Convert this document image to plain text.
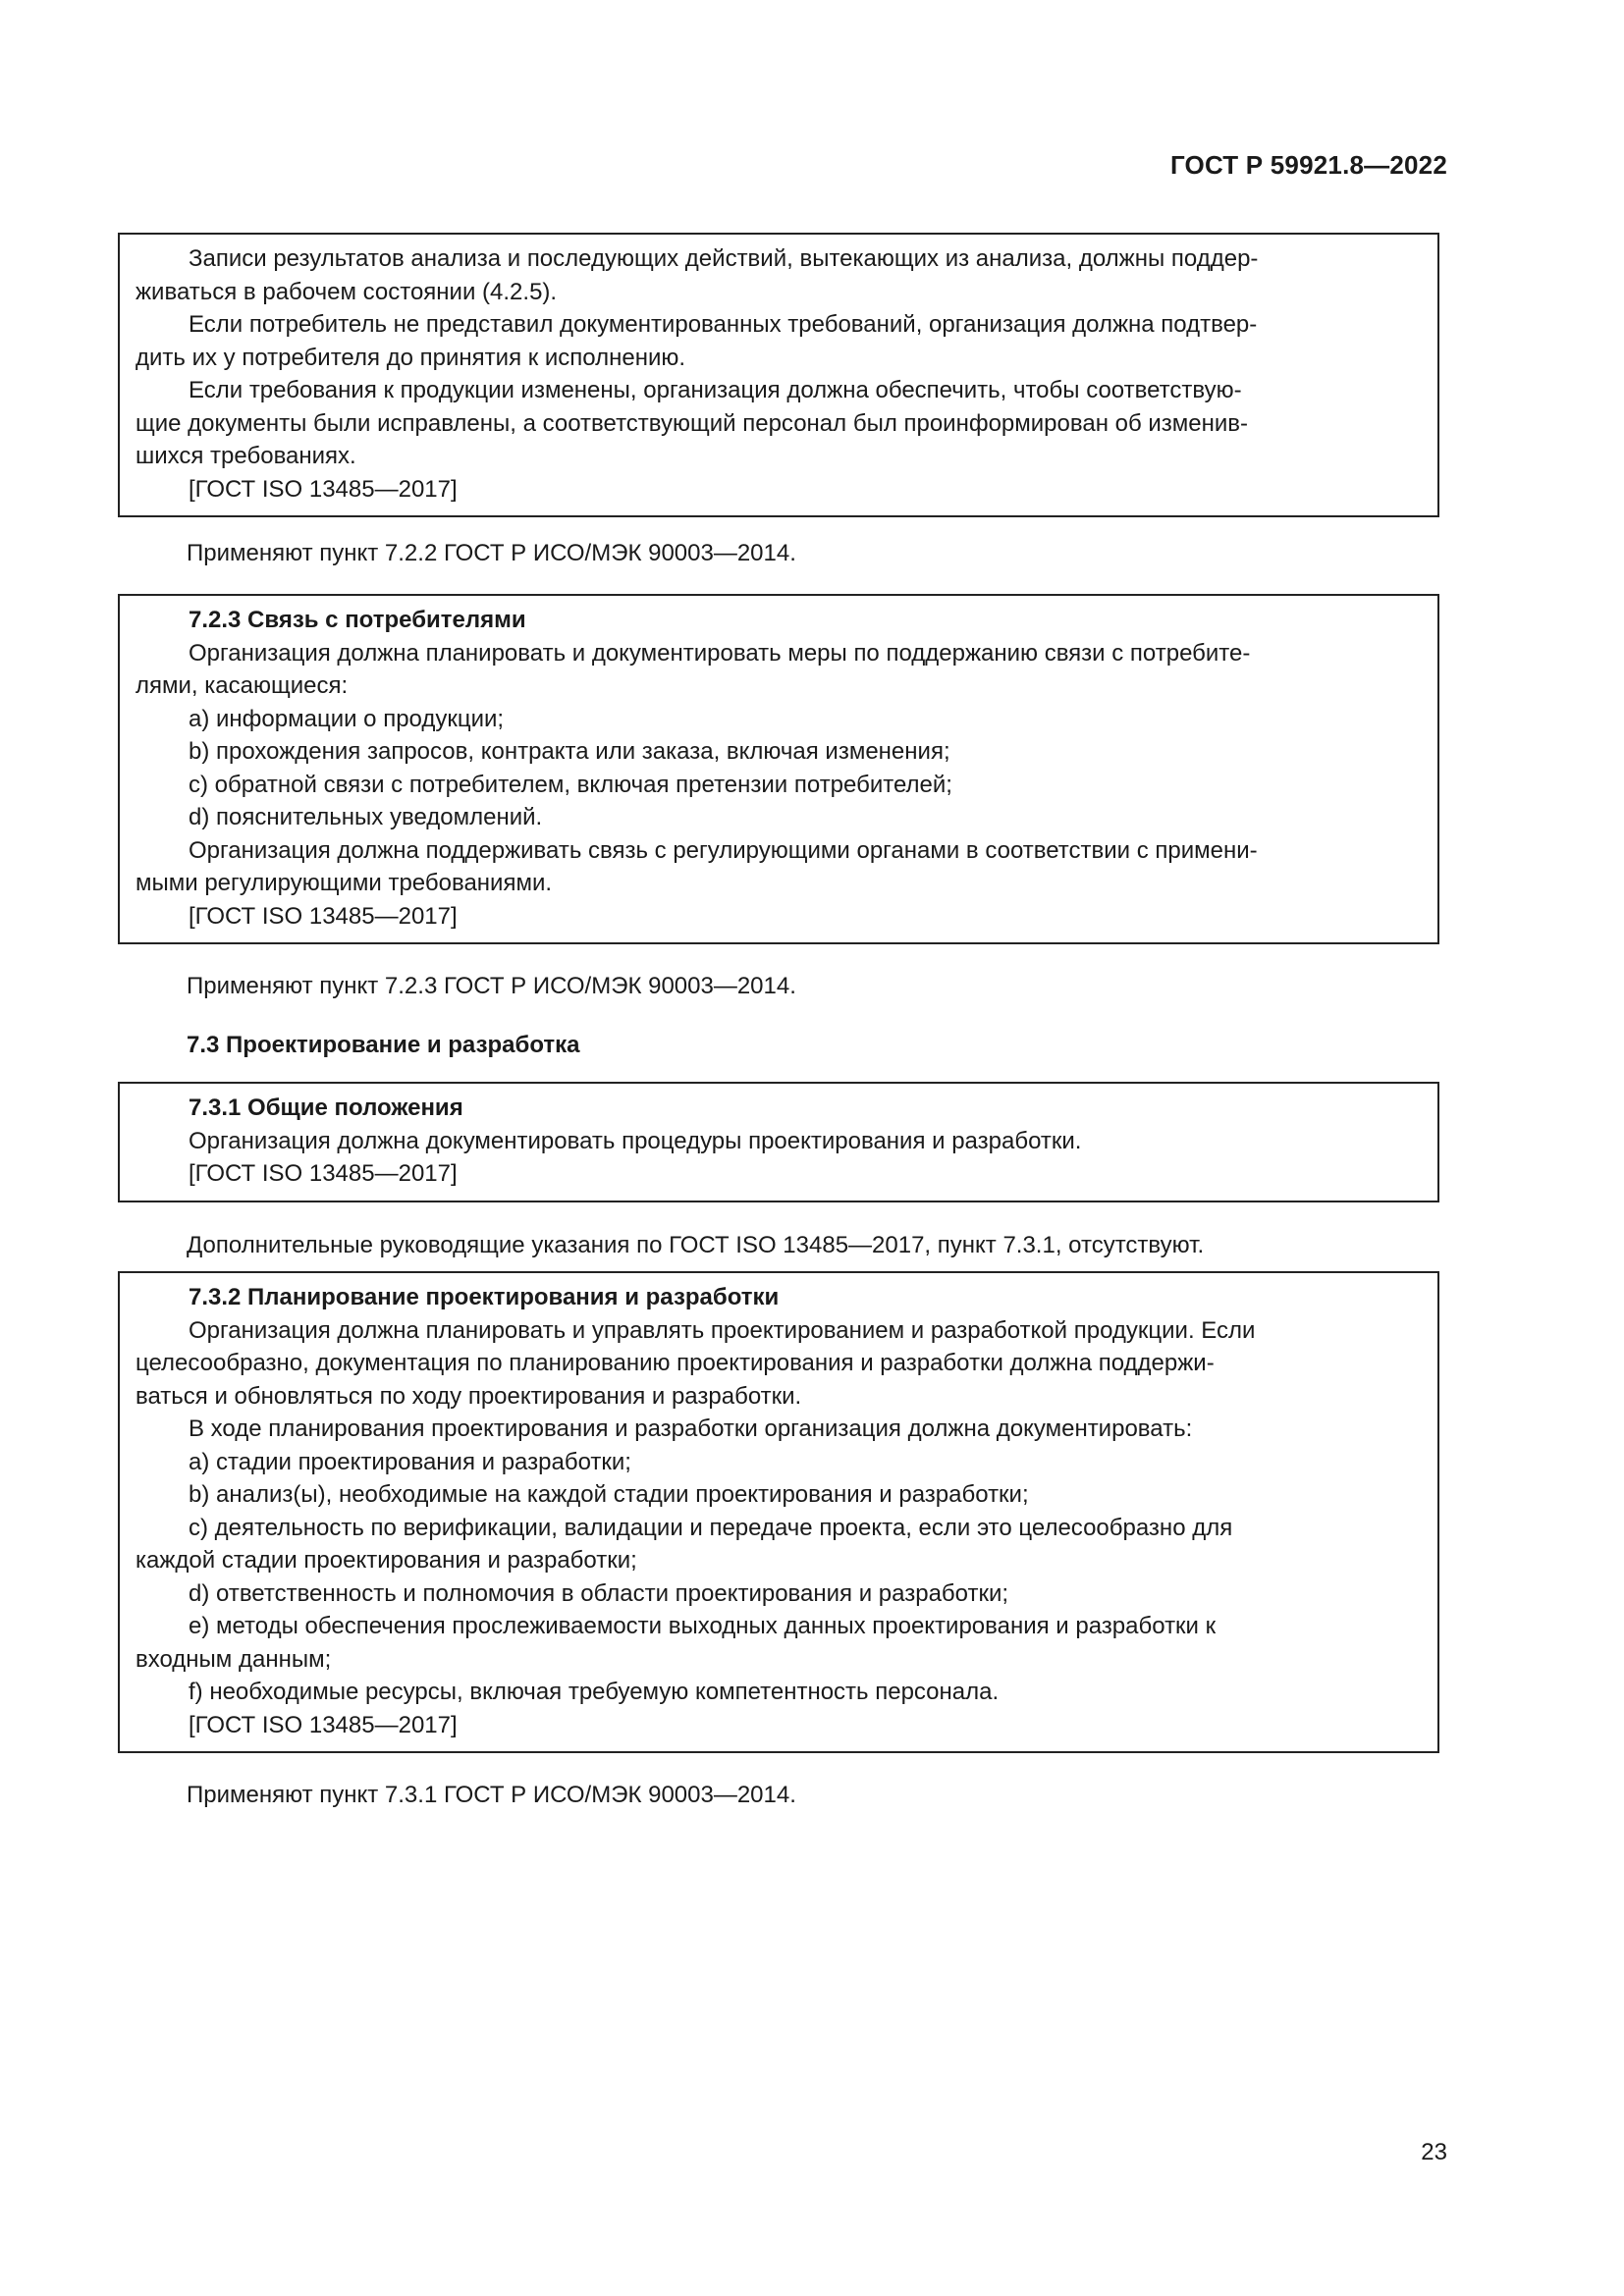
ГОСТ Р 59921.8—2022

Записи результатов анализа и последующих действий, вытекающих из анализа, должны поддер-

живаться в рабочем состоянии (4.2.5).

Если потребитель не представил документированных требований, организация должна подтвер-

дить их у потребителя до принятия к исполнению.

Если требования к продукции изменены, организация должна обеспечить, чтобы соответствую-

щие документы были исправлены, а соответствующий персонал был проинформирован об изменив-

шихся требованиях.

[ГОСТ ISO 13485—2017]

Применяют пункт 7.2.2 ГОСТ Р ИСО/МЭК 90003—2014.

7.2.3 Связь с потребителями

Организация должна планировать и документировать меры по поддержанию связи с потребите-

лями, касающиеся:

a) информации о продукции;

b) прохождения запросов, контракта или заказа, включая изменения;

c) обратной связи с потребителем, включая претензии потребителей;

d) пояснительных уведомлений.

Организация должна поддерживать связь с регулирующими органами в соответствии с примени-

мыми регулирующими требованиями.

[ГОСТ ISO 13485—2017]

Применяют пункт 7.2.3 ГОСТ Р ИСО/МЭК 90003—2014.

7.3 Проектирование и разработка

7.3.1 Общие положения

Организация должна документировать процедуры проектирования и разработки.

[ГОСТ ISO 13485—2017]

Дополнительные руководящие указания по ГОСТ ISO 13485—2017, пункт 7.3.1, отсутствуют.

7.3.2 Планирование проектирования и разработки

Организация должна планировать и управлять проектированием и разработкой продукции. Если

целесообразно, документация по планированию проектирования и разработки должна поддержи-

ваться и обновляться по ходу проектирования и разработки.

В ходе планирования проектирования и разработки организация должна документировать:

a) стадии проектирования и разработки;

b) анализ(ы), необходимые на каждой стадии проектирования и разработки;

c) деятельность по верификации, валидации и передаче проекта, если это целесообразно для

каждой стадии проектирования и разработки;

d) ответственность и полномочия в области проектирования и разработки;

e) методы обеспечения прослеживаемости выходных данных проектирования и разработки к

входным данным;

f) необходимые ресурсы, включая требуемую компетентность персонала.

[ГОСТ ISO 13485—2017]

Применяют пункт 7.3.1 ГОСТ Р ИСО/МЭК 90003—2014.

23
